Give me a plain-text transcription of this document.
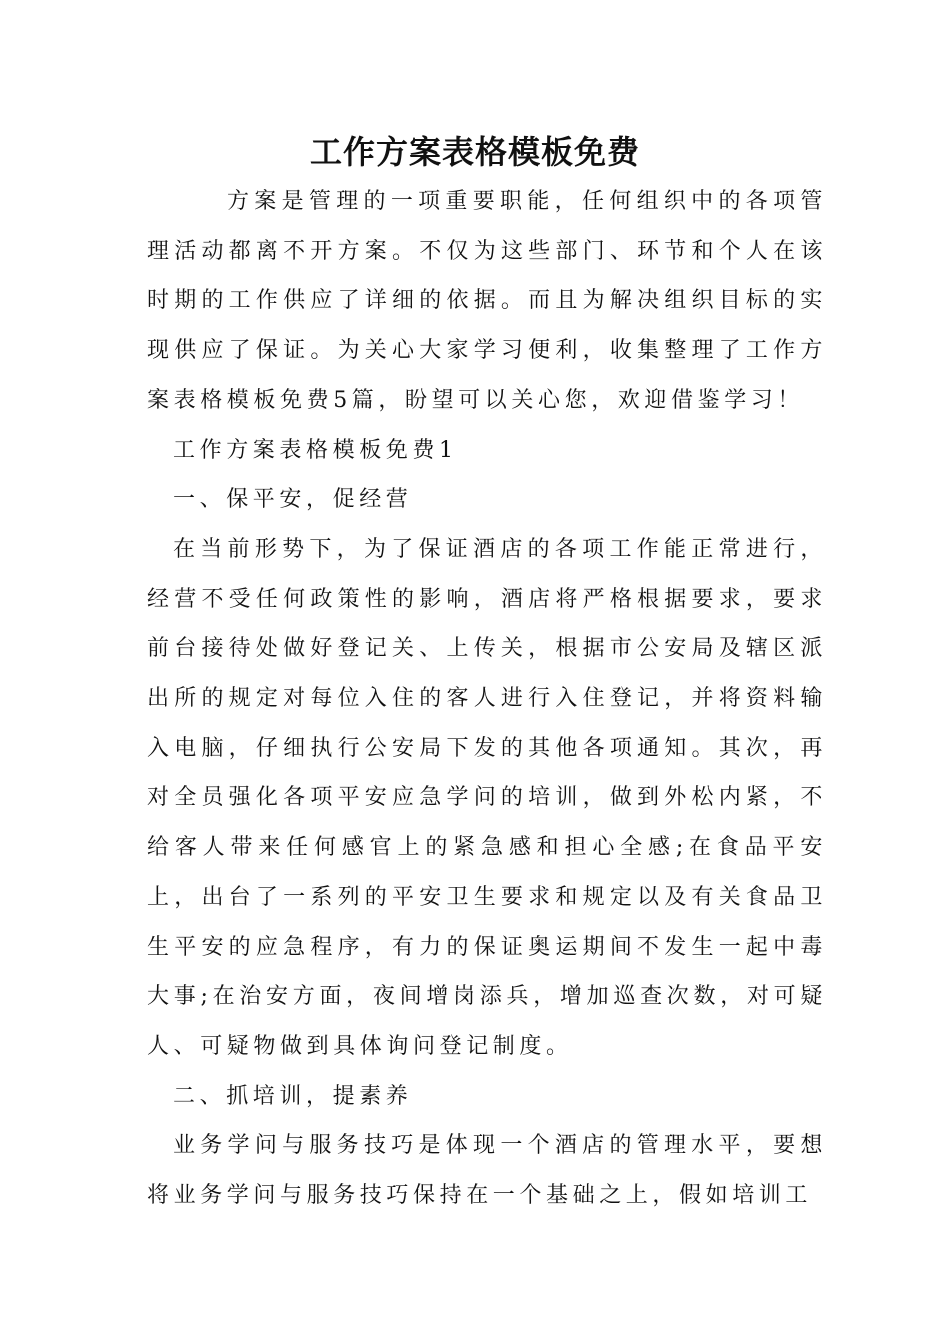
工作方案表格模板免费

方案是管理的一项重要职能，任何组织中的各项管理活动都离不开方案。不仅为这些部门、环节和个人在该时期的工作供应了详细的依据。而且为解决组织目标的实现供应了保证。为关心大家学习便利，收集整理了工作方案表格模板免费5篇，盼望可以关心您，欢迎借鉴学习！

工作方案表格模板免费1

一、保平安，促经营

在当前形势下，为了保证酒店的各项工作能正常进行，经营不受任何政策性的影响，酒店将严格根据要求，要求前台接待处做好登记关、上传关，根据市公安局及辖区派出所的规定对每位入住的客人进行入住登记，并将资料输入电脑，仔细执行公安局下发的其他各项通知。其次，再对全员强化各项平安应急学问的培训，做到外松内紧，不给客人带来任何感官上的紧急感和担心全感;在食品平安上，出台了一系列的平安卫生要求和规定以及有关食品卫生平安的应急程序，有力的保证奥运期间不发生一起中毒大事;在治安方面，夜间增岗添兵，增加巡查次数，对可疑人、可疑物做到具体询问登记制度。

二、抓培训，提素养

业务学问与服务技巧是体现一个酒店的管理水平，要想将业务学问与服务技巧保持在一个基础之上，假如培训工
